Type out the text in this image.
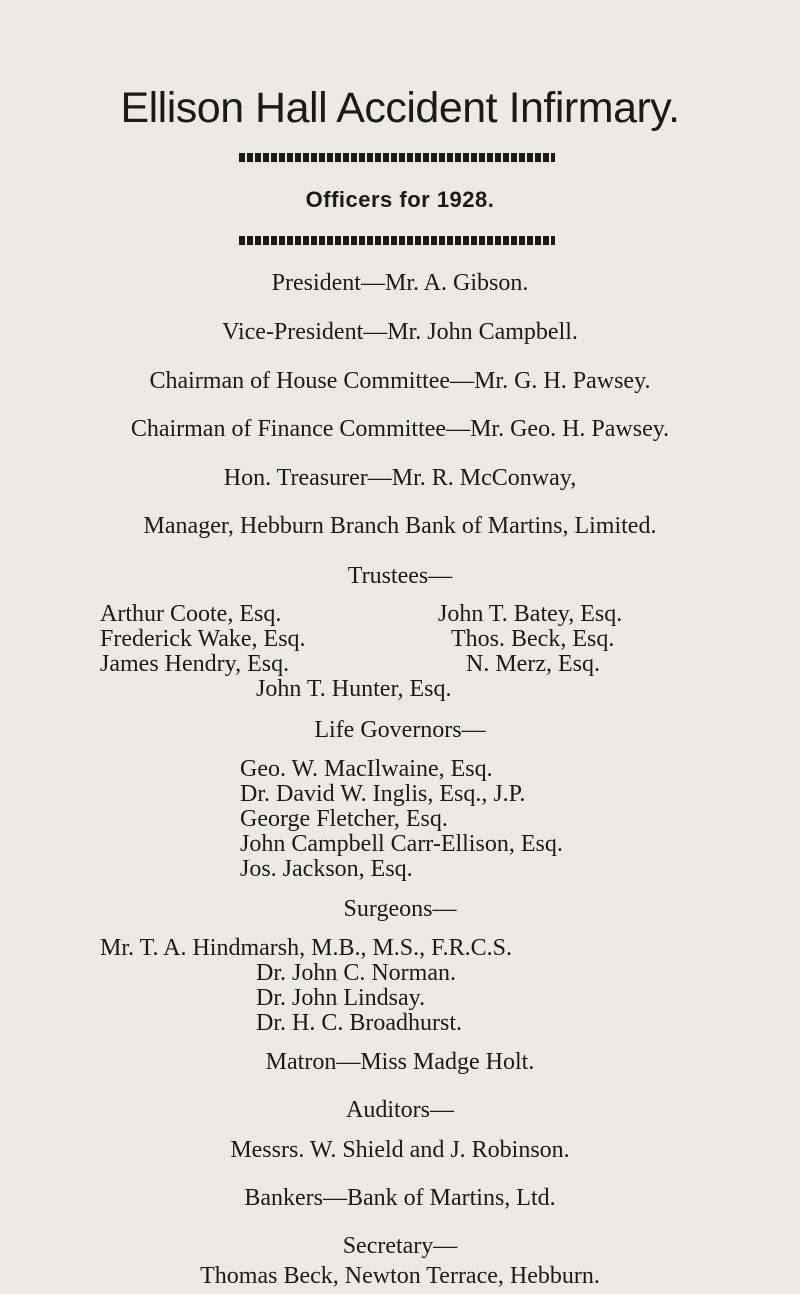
Ellison Hall Accident Infirmary.
Officers for 1928.

President—Mr. A. Gibson.

Vice-President—Mr. John Campbell.

Chairman of House Committee—Mr. G. H. Pawsey.

Chairman of Finance Committee—Mr. Geo. H. Pawsey.

Hon. Treasurer—Mr. R. McConway,

Manager, Hebburn Branch Bank of Martins, Limited.

Trustees—

Arthur Coote, Esq.

Frederick Wake, Esq.

James Hendry, Esq.

John T. Batey, Esq.

Thos. Beck, Esq.

N. Merz, Esq.

John T. Hunter, Esq.

Life Governors—

Geo. W. MacIlwaine, Esq.

Dr. David W. Inglis, Esq., J.P.

George Fletcher, Esq.

John Campbell Carr-Ellison, Esq.

Jos. Jackson, Esq.

Surgeons—

Mr. T. A. Hindmarsh, M.B., M.S., F.R.C.S.

Dr. John C. Norman.

Dr. John Lindsay.

Dr. H. C. Broadhurst.

Matron—Miss Madge Holt.

Auditors—

Messrs. W. Shield and J. Robinson.

Bankers—Bank of Martins, Ltd.

Secretary—

Thomas Beck, Newton Terrace, Hebburn.
